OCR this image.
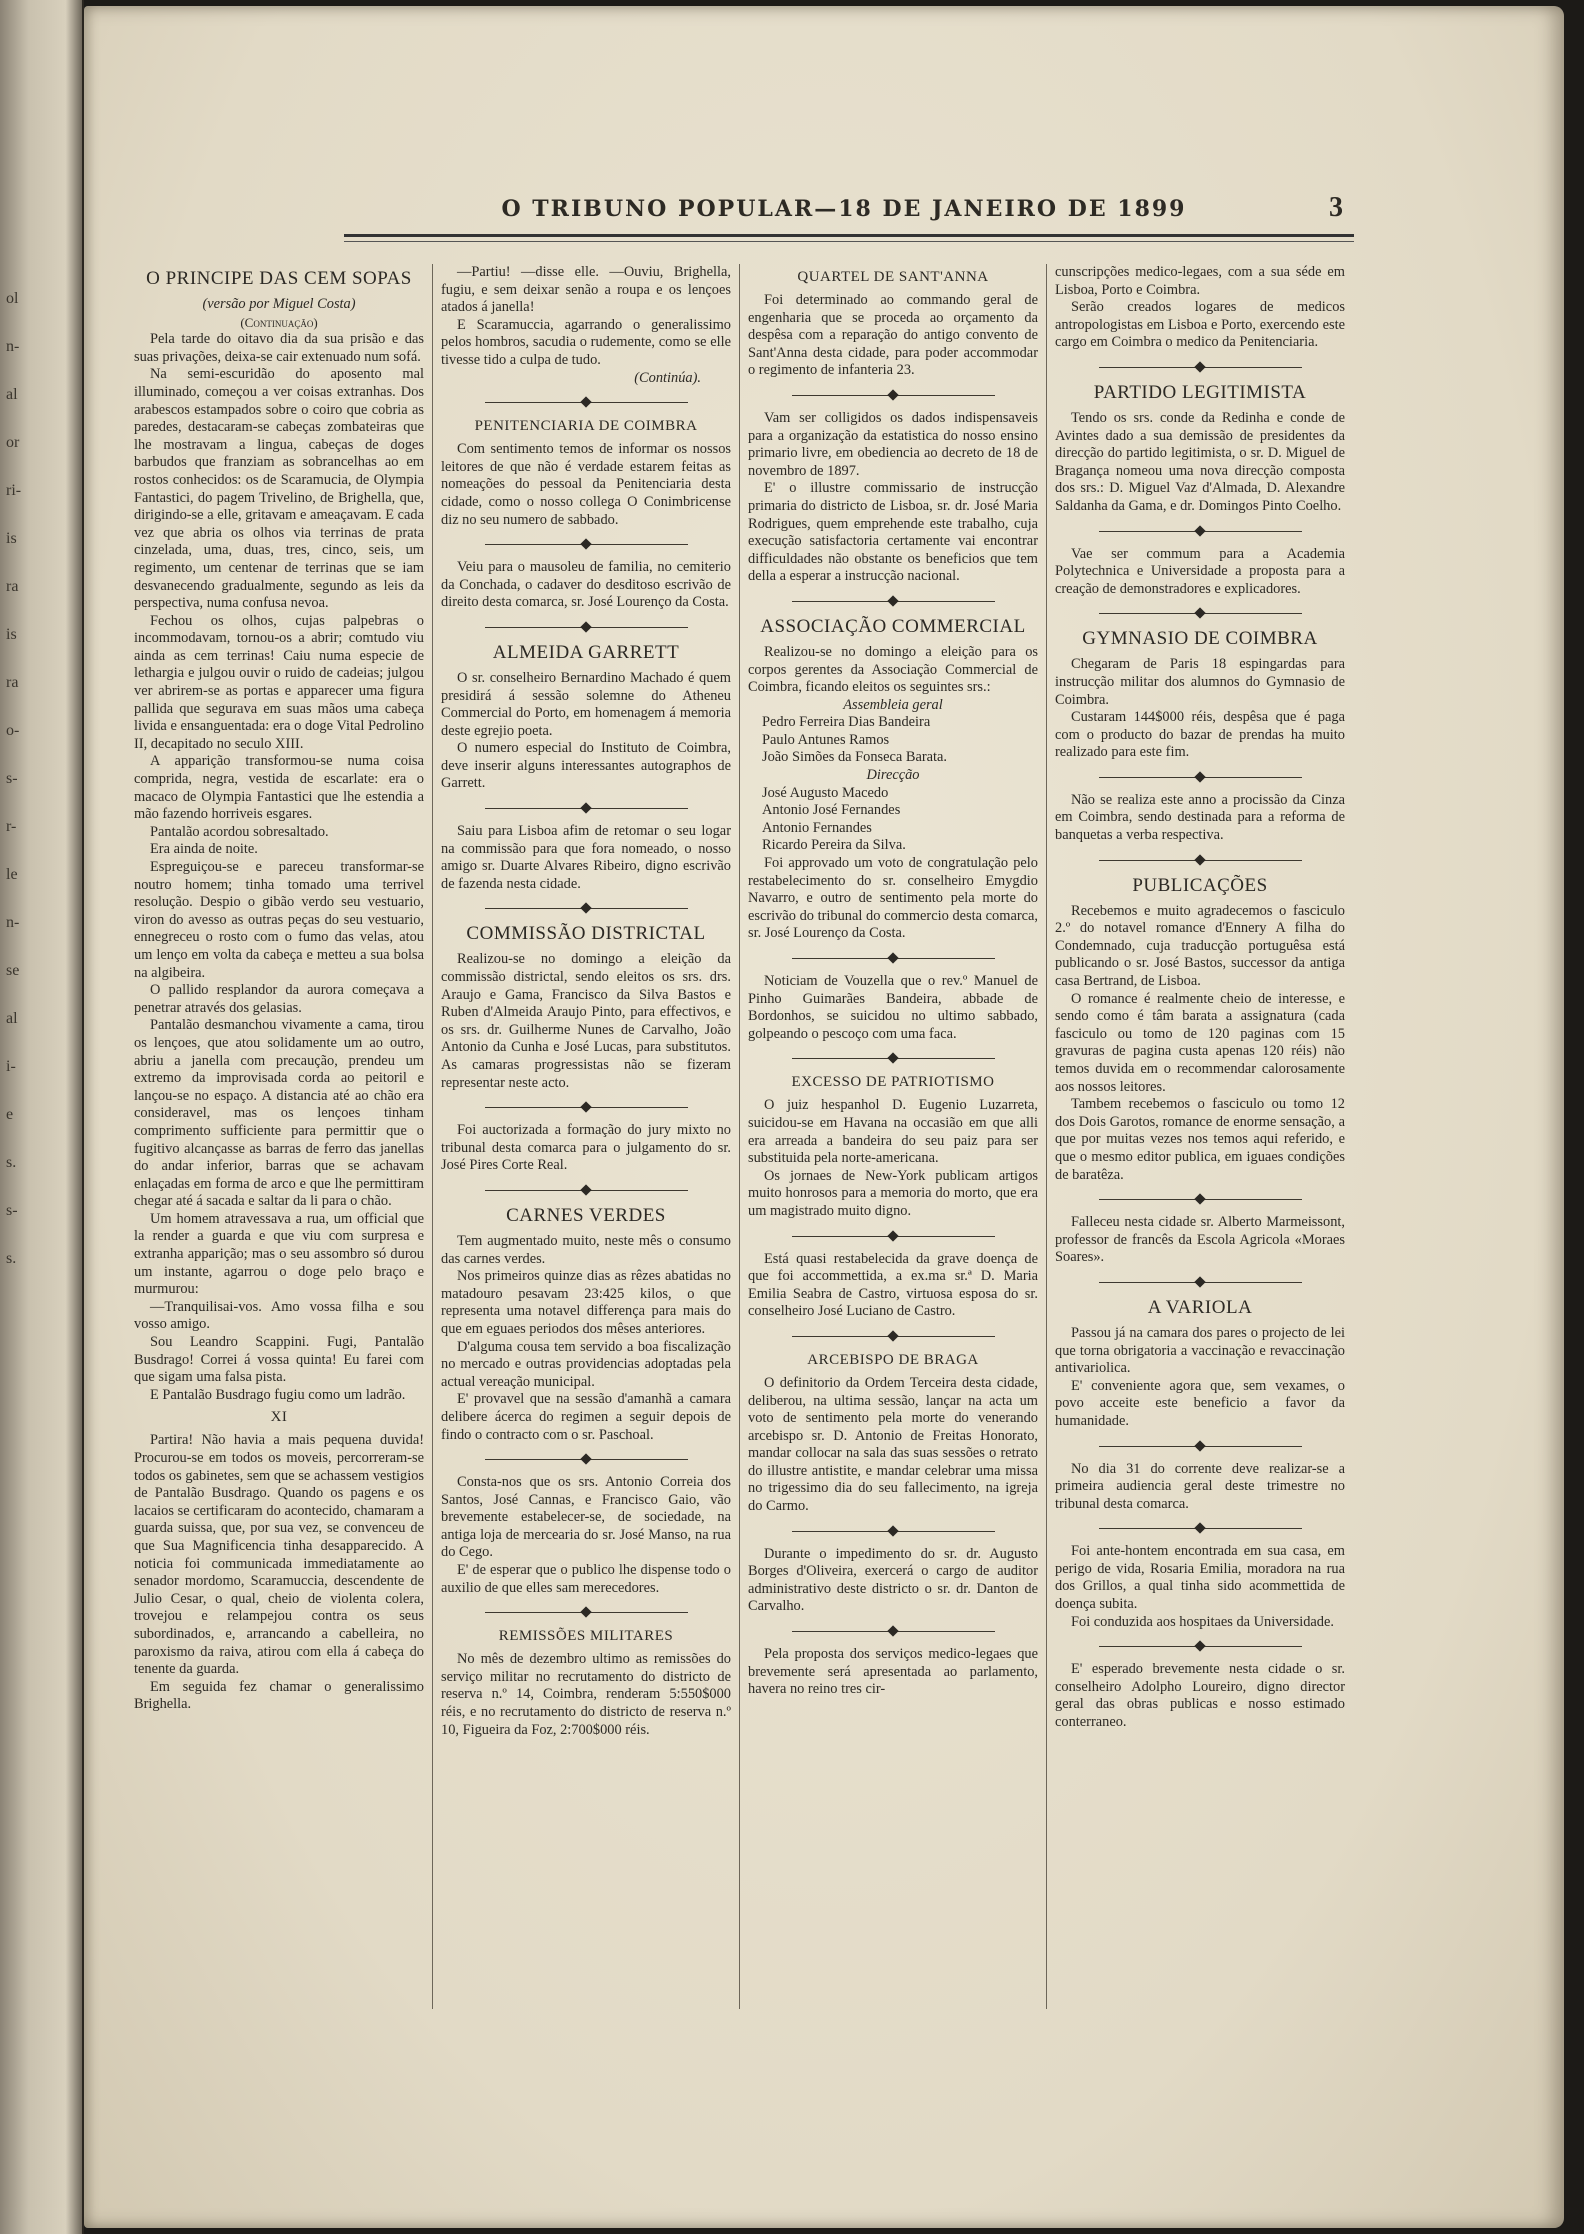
ol
n-
al
or
ri-
is
ra
is
ra
o-
s-
r-
le
n-
se
al
i-
e
s.
s-
s.
O TRIBUNO POPULAR—18 DE JANEIRO DE 1899	3
O PRINCIPE DAS CEM SOPAS

(versão por Miguel Costa)

(Continuação)

Pela tarde do oitavo dia da sua prisão e das suas privações, deixa-se cair extenuado num sofá.

Na semi-escuridão do aposento mal illuminado, começou a ver coisas extranhas. Dos arabescos estampados sobre o coiro que cobria as paredes, destacaram-se cabeças zombateiras que lhe mostravam a lingua, cabeças de doges barbudos que franziam as sobrancelhas ao em rostos conhecidos: os de Scaramucia, de Olympia Fantastici, do pagem Trivelino, de Brighella, que, dirigindo-se a elle, gritavam e ameaçavam. E cada vez que abria os olhos via terrinas de prata cinzelada, uma, duas, tres, cinco, seis, um regimento, um centenar de terrinas que se iam desvanecendo gradualmente, segundo as leis da perspectiva, numa confusa nevoa.

Fechou os olhos, cujas palpebras o incommodavam, tornou-os a abrir; comtudo viu ainda as cem terrinas! Caiu numa especie de lethargia e julgou ouvir o ruido de cadeias; julgou ver abrirem-se as portas e apparecer uma figura pallida que segurava em suas mãos uma cabeça livida e ensanguentada: era o doge Vital Pedrolino II, decapitado no seculo XIII.

A apparição transformou-se numa coisa comprida, negra, vestida de escarlate: era o macaco de Olympia Fantastici que lhe estendia a mão fazendo horriveis esgares.

Pantalão acordou sobresaltado.

Era ainda de noite.

Espreguiçou-se e pareceu transformar-se noutro homem; tinha tomado uma terrivel resolução. Despio o gibão verdo seu vestuario, viron do avesso as outras peças do seu vestuario, ennegreceu o rosto com o fumo das velas, atou um lenço em volta da cabeça e metteu a sua bolsa na algibeira.

O pallido resplandor da aurora começava a penetrar através dos gelasias.

Pantalão desmanchou vivamente a cama, tirou os lençoes, que atou solidamente um ao outro, abriu a janella com precaução, prendeu um extremo da improvisada corda ao peitoril e lançou-se no espaço. A distancia até ao chão era consideravel, mas os lençoes tinham comprimento sufficiente para permittir que o fugitivo alcançasse as barras de ferro das janellas do andar inferior, barras que se achavam enlaçadas em forma de arco e que lhe permittiram chegar até á sacada e saltar da li para o chão.

Um homem atravessava a rua, um official que la render a guarda e que viu com surpresa e extranha apparição; mas o seu assombro só durou um instante, agarrou o doge pelo braço e murmurou:

—Tranquilisai-vos. Amo vossa filha e sou vosso amigo.

Sou Leandro Scappini. Fugi, Pantalão Busdrago! Correi á vossa quinta! Eu farei com que sigam uma falsa pista.

E Pantalão Busdrago fugiu como um ladrão.

XI

Partira! Não havia a mais pequena duvida! Procurou-se em todos os moveis, percorreram-se todos os gabinetes, sem que se achassem vestigios de Pantalão Busdrago. Quando os pagens e os lacaios se certificaram do acontecido, chamaram a guarda suissa, que, por sua vez, se convenceu de que Sua Magnificencia tinha desapparecido. A noticia foi communicada immediatamente ao senador mordomo, Scaramuccia, descendente de Julio Cesar, o qual, cheio de violenta colera, trovejou e relampejou contra os seus subordinados, e, arrancando a cabelleira, no paroxismo da raiva, atirou com ella á cabeça do tenente da guarda.

Em seguida fez chamar o generalissimo Brighella.

—Partiu! —disse elle. —Ouviu, Brighella, fugiu, e sem deixar senão a roupa e os lençoes atados á janella!

E Scaramuccia, agarrando o generalissimo pelos hombros, sacudia o rudemente, como se elle tivesse tido a culpa de tudo.

(Continúa).

PENITENCIARIA DE COIMBRA

Com sentimento temos de informar os nossos leitores de que não é verdade estarem feitas as nomeações do pessoal da Penitenciaria desta cidade, como o nosso collega O Conimbricense diz no seu numero de sabbado.

Veiu para o mausoleu de familia, no cemiterio da Conchada, o cadaver do desditoso escrivão de direito desta comarca, sr. José Lourenço da Costa.

ALMEIDA GARRETT

O sr. conselheiro Bernardino Machado é quem presidirá á sessão solemne do Atheneu Commercial do Porto, em homenagem á memoria deste egrejio poeta.

O numero especial do Instituto de Coimbra, deve inserir alguns interessantes autographos de Garrett.

Saiu para Lisboa afim de retomar o seu logar na commissão para que fora nomeado, o nosso amigo sr. Duarte Alvares Ribeiro, digno escrivão de fazenda nesta cidade.

COMMISSÃO DISTRICTAL

Realizou-se no domingo a eleição da commissão districtal, sendo eleitos os srs. drs. Araujo e Gama, Francisco da Silva Bastos e Ruben d'Almeida Araujo Pinto, para effectivos, e os srs. dr. Guilherme Nunes de Carvalho, João Antonio da Cunha e José Lucas, para substitutos. As camaras progressistas não se fizeram representar neste acto.

Foi auctorizada a formação do jury mixto no tribunal desta comarca para o julgamento do sr. José Pires Corte Real.

CARNES VERDES

Tem augmentado muito, neste mês o consumo das carnes verdes.

Nos primeiros quinze dias as rêzes abatidas no matadouro pesavam 23:425 kilos, o que representa uma notavel differença para mais do que em eguaes periodos dos mêses anteriores.

D'alguma cousa tem servido a boa fiscalização no mercado e outras providencias adoptadas pela actual vereação municipal.

E' provavel que na sessão d'amanhã a camara delibere ácerca do regimen a seguir depois de findo o contracto com o sr. Paschoal.

Consta-nos que os srs. Antonio Correia dos Santos, José Cannas, e Francisco Gaio, vão brevemente estabelecer-se, de sociedade, na antiga loja de mercearia do sr. José Manso, na rua do Cego.

E' de esperar que o publico lhe dispense todo o auxilio de que elles sam merecedores.

REMISSÕES MILITARES

No mês de dezembro ultimo as remissões do serviço militar no recrutamento do districto de reserva n.º 14, Coimbra, renderam 5:550$000 réis, e no recrutamento do districto de reserva n.º 10, Figueira da Foz, 2:700$000 réis.

QUARTEL DE SANT'ANNA

Foi determinado ao commando geral de engenharia que se proceda ao orçamento da despêsa com a reparação do antigo convento de Sant'Anna desta cidade, para poder accommodar o regimento de infanteria 23.

Vam ser colligidos os dados indispensaveis para a organização da estatistica do nosso ensino primario livre, em obediencia ao decreto de 18 de novembro de 1897.

E' o illustre commissario de instrucção primaria do districto de Lisboa, sr. dr. José Maria Rodrigues, quem emprehende este trabalho, cuja execução satisfactoria certamente vai encontrar difficuldades não obstante os beneficios que tem della a esperar a instrucção nacional.

ASSOCIAÇÃO COMMERCIAL

Realizou-se no domingo a eleição para os corpos gerentes da Associação Commercial de Coimbra, ficando eleitos os seguintes srs.:

Assembleia geral

Pedro Ferreira Dias Bandeira

Paulo Antunes Ramos

João Simões da Fonseca Barata.

Direcção

José Augusto Macedo

Antonio José Fernandes

Antonio Fernandes

Ricardo Pereira da Silva.

Foi approvado um voto de congratulação pelo restabelecimento do sr. conselheiro Emygdio Navarro, e outro de sentimento pela morte do escrivão do tribunal do commercio desta comarca, sr. José Lourenço da Costa.

Noticiam de Vouzella que o rev.º Manuel de Pinho Guimarães Bandeira, abbade de Bordonhos, se suicidou no ultimo sabbado, golpeando o pescoço com uma faca.

EXCESSO DE PATRIOTISMO

O juiz hespanhol D. Eugenio Luzarreta, suicidou-se em Havana na occasião em que alli era arreada a bandeira do seu paiz para ser substituida pela norte-americana.

Os jornaes de New-York publicam artigos muito honrosos para a memoria do morto, que era um magistrado muito digno.

Está quasi restabelecida da grave doença de que foi accommettida, a ex.ma sr.ª D. Maria Emilia Seabra de Castro, virtuosa esposa do sr. conselheiro José Luciano de Castro.

ARCEBISPO DE BRAGA

O definitorio da Ordem Terceira desta cidade, deliberou, na ultima sessão, lançar na acta um voto de sentimento pela morte do venerando arcebispo sr. D. Antonio de Freitas Honorato, mandar collocar na sala das suas sessões o retrato do illustre antistite, e mandar celebrar uma missa no trigessimo dia do seu fallecimento, na igreja do Carmo.

Durante o impedimento do sr. dr. Augusto Borges d'Oliveira, exercerá o cargo de auditor administrativo deste districto o sr. dr. Danton de Carvalho.

Pela proposta dos serviços medico-legaes que brevemente será apresentada ao parlamento, havera no reino tres cir-

cunscripções medico-legaes, com a sua séde em Lisboa, Porto e Coimbra.

Serão creados logares de medicos antropologistas em Lisboa e Porto, exercendo este cargo em Coimbra o medico da Penitenciaria.

PARTIDO LEGITIMISTA

Tendo os srs. conde da Redinha e conde de Avintes dado a sua demissão de presidentes da direcção do partido legitimista, o sr. D. Miguel de Bragança nomeou uma nova direcção composta dos srs.: D. Miguel Vaz d'Almada, D. Alexandre Saldanha da Gama, e dr. Domingos Pinto Coelho.

Vae ser commum para a Academia Polytechnica e Universidade a proposta para a creação de demonstradores e explicadores.

GYMNASIO DE COIMBRA

Chegaram de Paris 18 espingardas para instrucção militar dos alumnos do Gymnasio de Coimbra.

Custaram 144$000 réis, despêsa que é paga com o producto do bazar de prendas ha muito realizado para este fim.

Não se realiza este anno a procissão da Cinza em Coimbra, sendo destinada para a reforma de banquetas a verba respectiva.

PUBLICAÇÕES

Recebemos e muito agradecemos o fasciculo 2.º do notavel romance d'Ennery A filha do Condemnado, cuja traducção portuguêsa está publicando o sr. José Bastos, successor da antiga casa Bertrand, de Lisboa.

O romance é realmente cheio de interesse, e sendo como é tâm barata a assignatura (cada fasciculo ou tomo de 120 paginas com 15 gravuras de pagina custa apenas 120 réis) não temos duvida em o recommendar calorosamente aos nossos leitores.

Tambem recebemos o fasciculo ou tomo 12 dos Dois Garotos, romance de enorme sensação, a que por muitas vezes nos temos aqui referido, e que o mesmo editor publica, em iguaes condições de baratêza.

Falleceu nesta cidade sr. Alberto Marmeissont, professor de francês da Escola Agricola «Moraes Soares».

A VARIOLA

Passou já na camara dos pares o projecto de lei que torna obrigatoria a vaccinação e revaccinação antivariolica.

E' conveniente agora que, sem vexames, o povo acceite este beneficio a favor da humanidade.

No dia 31 do corrente deve realizar-se a primeira audiencia geral deste trimestre no tribunal desta comarca.

Foi ante-hontem encontrada em sua casa, em perigo de vida, Rosaria Emilia, moradora na rua dos Grillos, a qual tinha sido acommettida de doença subita.

Foi conduzida aos hospitaes da Universidade.

E' esperado brevemente nesta cidade o sr. conselheiro Adolpho Loureiro, digno director geral das obras publicas e nosso estimado conterraneo.
